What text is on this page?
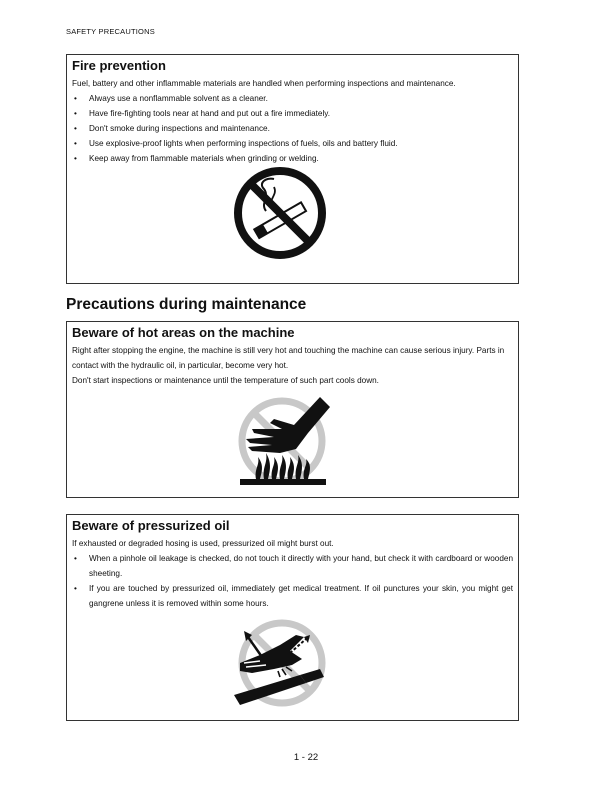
SAFETY PRECAUTIONS
Fire prevention

Fuel, battery and other inflammable materials are handled when performing inspections and maintenance.

• Always use a nonflammable solvent as a cleaner.
• Have fire-fighting tools near at hand and put out a fire immediately.
• Don't smoke during inspections and maintenance.
• Use explosive-proof lights when performing inspections of fuels, oils and battery fluid.
• Keep away from flammable materials when grinding or welding.
Precautions during maintenance
Beware of hot areas on the machine

Right after stopping the engine, the machine is still very hot and touching the machine can cause serious injury. Parts in contact with the hydraulic oil, in particular, become very hot.

Don't start inspections or maintenance until the temperature of such part cools down.

Beware of pressurized oil

If exhausted or degraded hosing is used, pressurized oil might burst out.

• When a pinhole oil leakage is checked, do not touch it directly with your hand, but check it with cardboard or wooden sheeting.
• If you are touched by pressurized oil, immediately get medical treatment. If oil punctures your skin, you might get gangrene unless it is removed within some hours.
1 - 22
